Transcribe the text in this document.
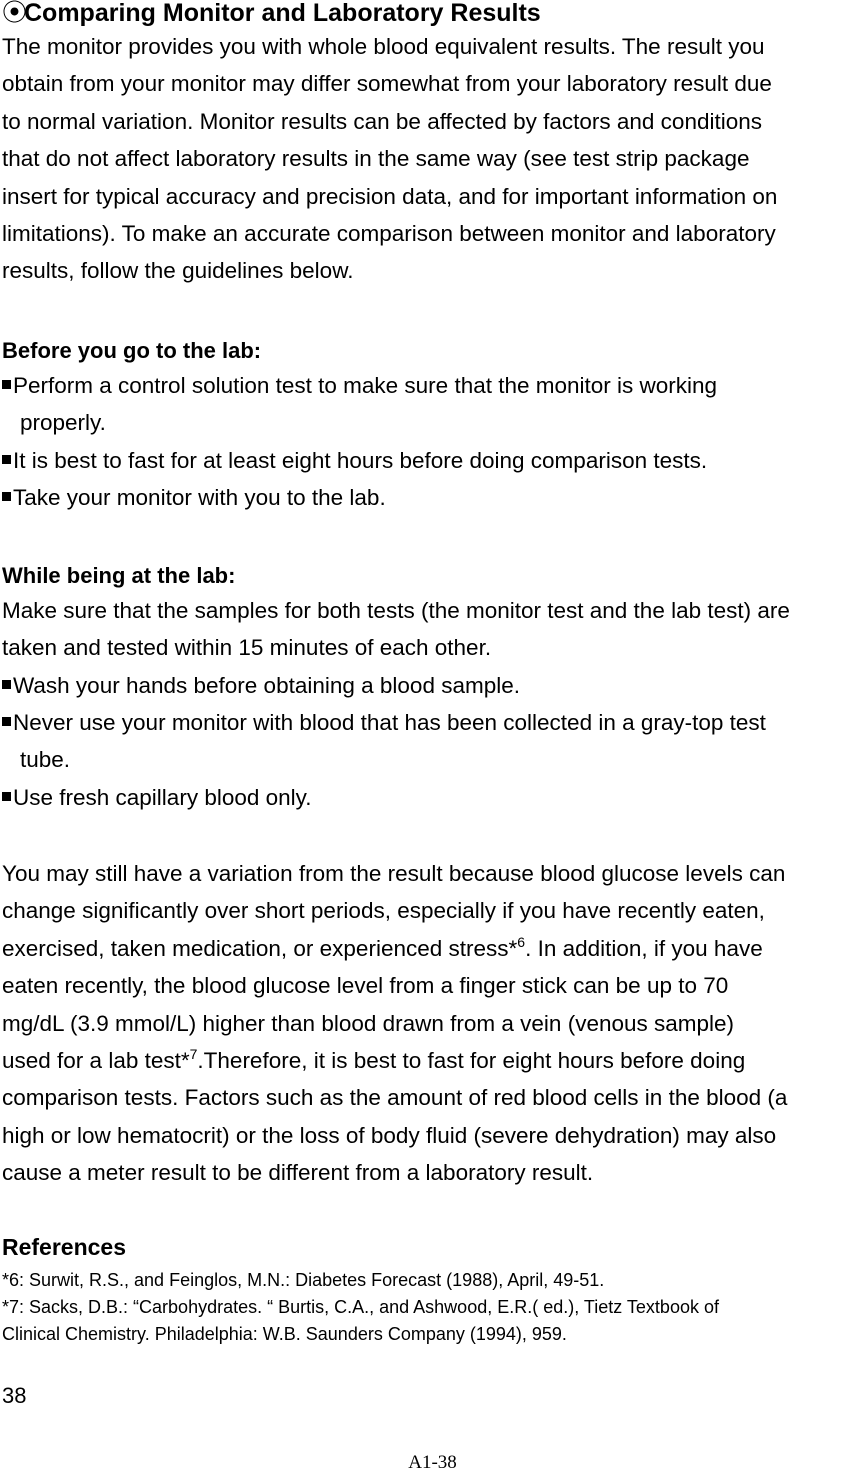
⦿Comparing Monitor and Laboratory Results
The monitor provides you with whole blood equivalent results. The result you
obtain from your monitor may differ somewhat from your laboratory result due
to normal variation. Monitor results can be affected by factors and conditions
that do not affect laboratory results in the same way (see test strip package
insert for typical accuracy and precision data, and for important information on
limitations). To make an accurate comparison between monitor and laboratory
results, follow the guidelines below.
Before you go to the lab:
Perform a control solution test to make sure that the monitor is working
properly.
It is best to fast for at least eight hours before doing comparison tests.
Take your monitor with you to the lab.
While being at the lab:
Make sure that the samples for both tests (the monitor test and the lab test) are
taken and tested within 15 minutes of each other.
Wash your hands before obtaining a blood sample.
Never use your monitor with blood that has been collected in a gray-top test
tube.
Use fresh capillary blood only.
You may still have a variation from the result because blood glucose levels can
change significantly over short periods, especially if you have recently eaten,
exercised, taken medication, or experienced stress*$^6$. In addition, if you have
eaten recently, the blood glucose level from a finger stick can be up to 70
mg/dL (3.9 mmol/L) higher than blood drawn from a vein (venous sample)
used for a lab test*$^7$.Therefore, it is best to fast for eight hours before doing
comparison tests. Factors such as the amount of red blood cells in the blood (a
high or low hematocrit) or the loss of body fluid (severe dehydration) may also
cause a meter result to be different from a laboratory result.
References
*6: Surwit, R.S., and Feinglos, M.N.: Diabetes Forecast (1988), April, 49-51.
*7: Sacks, D.B.: “Carbohydrates. “ Burtis, C.A., and Ashwood, E.R.( ed.), Tietz Textbook of
Clinical Chemistry. Philadelphia: W.B. Saunders Company (1994), 959.
38
A1-38
